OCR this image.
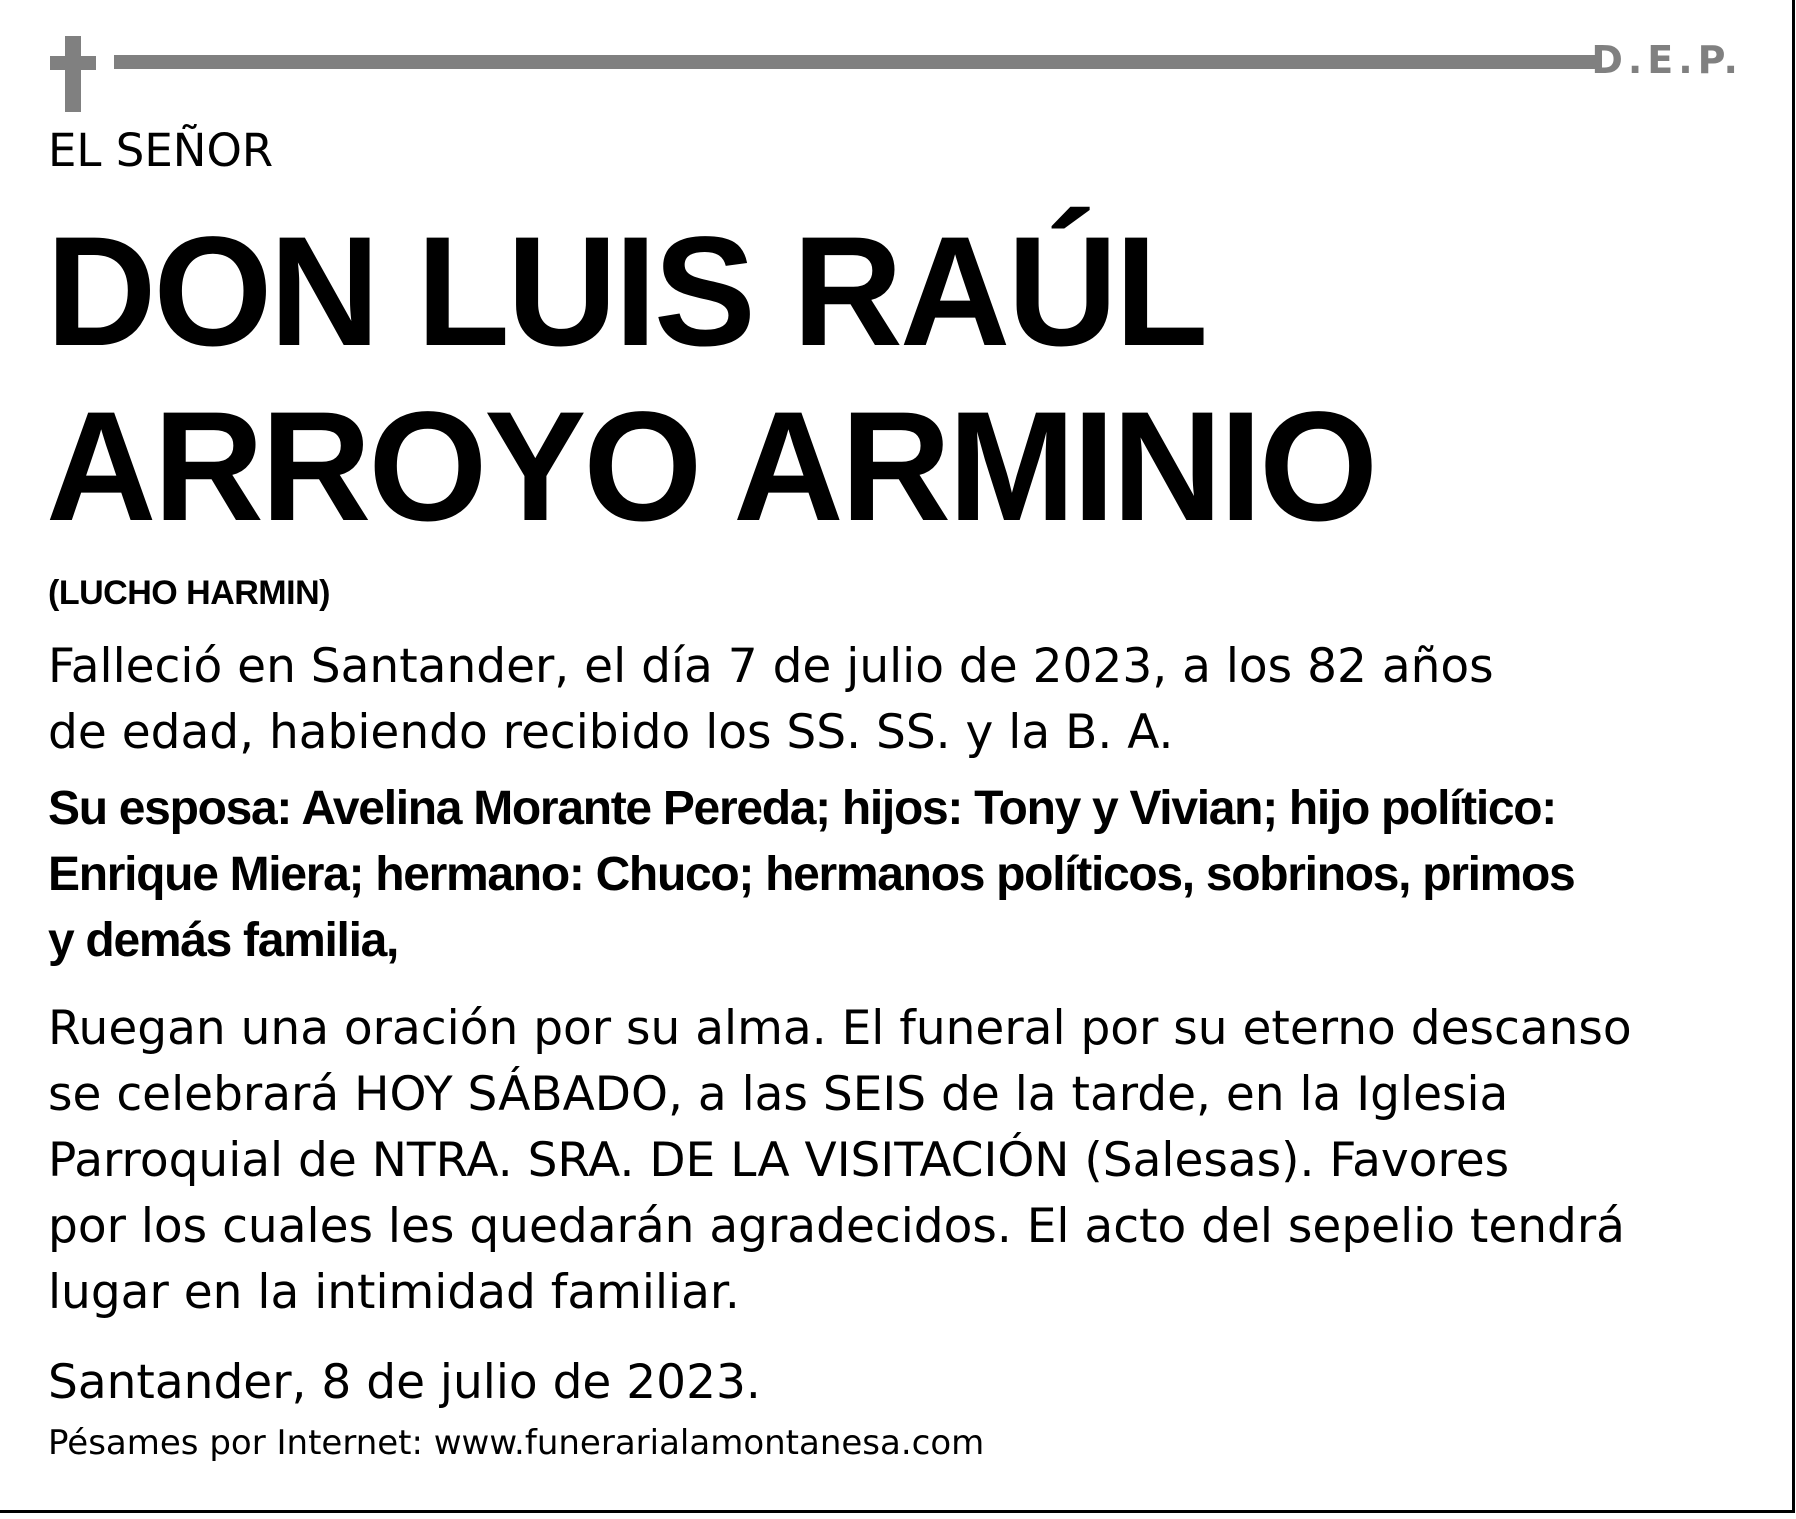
D.E.P.
EL SEÑOR
DON LUIS RAÚL
ARROYO ARMINIO
(LUCHO HARMIN)
Falleció en Santander, el día 7 de julio de 2023, a los 82 años
de edad, habiendo recibido los SS. SS. y la B. A.
Su esposa: Avelina Morante Pereda; hijos: Tony y Vivian; hijo político:
Enrique Miera; hermano: Chuco; hermanos políticos, sobrinos, primos
y demás familia,
Ruegan una oración por su alma. El funeral por su eterno descanso
se celebrará HOY SÁBADO, a las SEIS de la tarde, en la Iglesia
Parroquial de NTRA. SRA. DE LA VISITACIÓN (Salesas). Favores
por los cuales les quedarán agradecidos. El acto del sepelio tendrá
lugar en la intimidad familiar.
Santander, 8 de julio de 2023.
Pésames por Internet: www.funerarialamontanesa.com
